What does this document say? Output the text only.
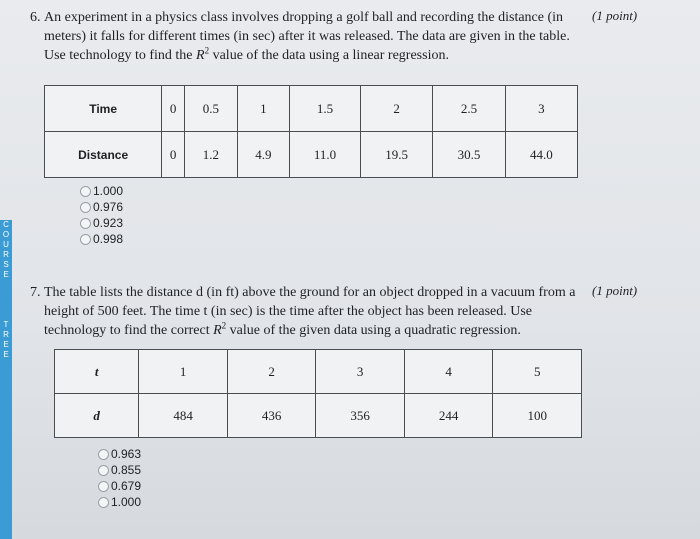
C
O
U
R
S
E
T
R
E
E
6. An experiment in a physics class involves dropping a golf ball and recording the distance (in
meters) it falls for different times (in sec) after it was released. The data are given in the table.
Use technology to find the $R^2$ value of the data using a linear regression.
(1 point)
Time	0	0.5	1	1.5	2	2.5	3
Distance	0	1.2	4.9	11.0	19.5	30.5	44.0
1.000
0.976
0.923
0.998
7. The table lists the distance d (in ft) above the ground for an object dropped in a vacuum from a
height of 500 feet. The time t (in sec) is the time after the object has been released. Use
technology to find the correct $R^2$ value of the given data using a quadratic regression.
(1 point)
t	1	2	3	4	5
d	484	436	356	244	100
0.963
0.855
0.679
1.000
